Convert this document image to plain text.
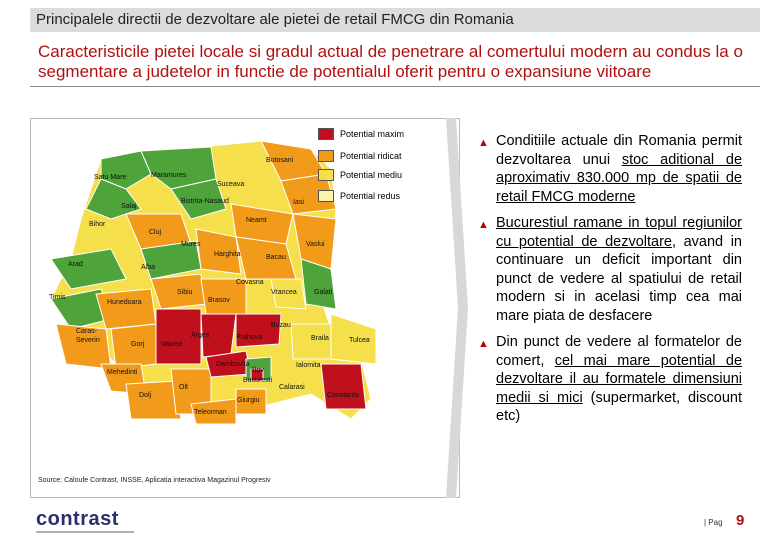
Principalele directii de dezvoltare ale pietei de retail FMCG din Romania
Caracteristicile pietei locale si gradul actual de penetrare al comertului modern au condus la o segmentare a judetelor in functie de potentialul oferit pentru o expansiune viitoare
Satu Mare	Maramures
Botosani
Suceava
Salaj
Bistrita-Nasaud	Iasi
Bihor
Neamt
Cluj
Mures	Vaslui
Arad
Harghita	Bacau
Alba
Covasna
Timis
Sibiu	Vrancea Galati
Hunedoara	Brasov
Caras-Severin
Arges
Buzau
Prahova
Gorj Valcea
Braila	Tulcea
Dambovita	Ialomita
Mehedinti	Ilfov
Bucuresti
Olt
Dolj
Calarasi
Constanta
Giurgiu
Teleorman
Potential maxim
Potential ridicat
Potential mediu
Potential redus
Source: Caloufe Contrast, INSSE, Aplicatia interactiva Magazinul Progresiv
▲ Conditiile actuale din Romania permit dezvoltarea unui stoc aditional de aproximativ 830.000 mp de spatii de retail FMCG moderne
▲ Bucurestiul ramane in topul regiunilor cu potential de dezvoltare, avand in continuare un deficit important din punct de vedere al spatiului de retail modern si in acelasi timp cea mai mare piata de desfacere
▲ Din punct de vedere al formatelor de comert, cel mai mare potential de dezvoltare il au formatele dimensiuni medii si mici (supermarket, discount etc)
contrast	| Pag 9
